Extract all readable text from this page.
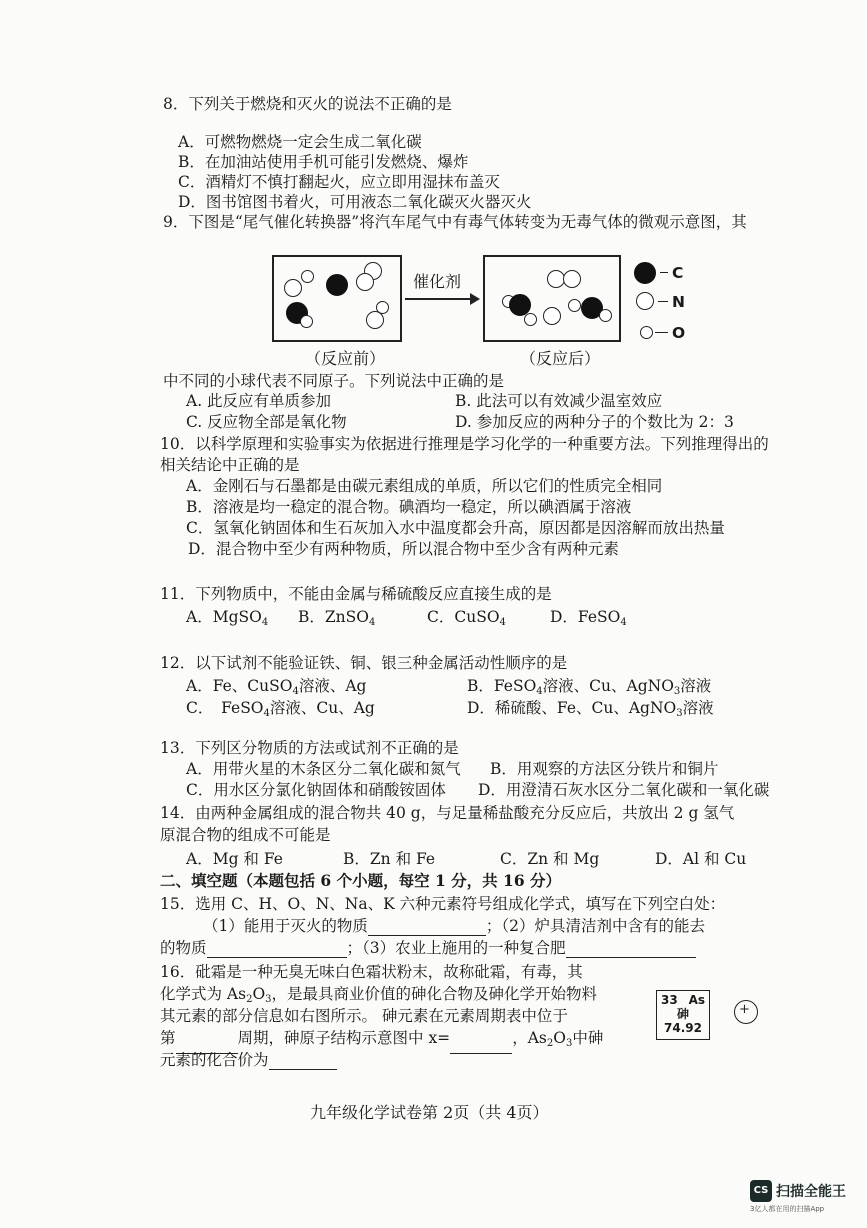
8．下列关于燃烧和灭火的说法不正确的是
A．可燃物燃烧一定会生成二氧化碳
B．在加油站使用手机可能引发燃烧、爆炸
C．酒精灯不慎打翻起火，应立即用湿抹布盖灭
D．图书馆图书着火，可用液态二氧化碳灭火器灭火
9．下图是“尾气催化转换器”将汽车尾气中有毒气体转变为无毒气体的微观示意图，其
催化剂
（反应前）	（反应后）
C
N
O
中不同的小球代表不同原子。下列说法中正确的是
A. 此反应有单质参加	B. 此法可以有效减少温室效应
C. 反应物全部是氧化物	D. 参加反应的两种分子的个数比为 2：3
10．以科学原理和实验事实为依据进行推理是学习化学的一种重要方法。下列推理得出的
相关结论中正确的是
A．金刚石与石墨都是由碳元素组成的单质，所以它们的性质完全相同
B．溶液是均一稳定的混合物。碘酒均一稳定，所以碘酒属于溶液
C．氢氧化钠固体和生石灰加入水中温度都会升高，原因都是因溶解而放出热量
D．混合物中至少有两种物质，所以混合物中至少含有两种元素
11．下列物质中，不能由金属与稀硫酸反应直接生成的是
A．MgSO$_4$ B．ZnSO$_4$	C．CuSO$_4$	D．FeSO$_4$
12．以下试剂不能验证铁、铜、银三种金属活动性顺序的是
A．Fe、CuSO$_4$溶液、Ag	B．FeSO$_4$溶液、Cu、AgNO$_3$溶液
C．　FeSO$_4$溶液、Cu、Ag	D．稀硫酸、Fe、Cu、AgNO$_3$溶液
13．下列区分物质的方法或试剂不正确的是
A．用带火星的木条区分二氧化碳和氮气 B．用观察的方法区分铁片和铜片
C．用水区分氯化钠固体和硝酸铵固体 D．用澄清石灰水区分二氧化碳和一氧化碳
14．由两种金属组成的混合物共 40 g，与足量稀盐酸充分反应后，共放出 2 g 氢气
原混合物的组成不可能是
A．Mg 和 Fe	B．Zn 和 Fe	C．Zn 和 Mg	D．Al 和 Cu
二、填空题（本题包括 6 个小题，每空 1 分，共 16 分）
15．选用 C、H、O、N、Na、K 六种元素符号组成化学式，填写在下列空白处：
（1）能用于灭火的物质	；（2）炉具清洁剂中含有的能去
的物质	；（3）农业上施用的一种复合肥
16．砒霜是一种无臭无味白色霜状粉末，故称砒霜，有毒，其
化学式为 $As_2O_3$，是最具商业价值的砷化合物及砷化学开始物料
其元素的部分信息如右图所示。 砷元素在元素周期表中位于
第	周期，砷原子结构示意图中 x=	，$As_2O_3$中砷
元素的化合价为
33 As
砷
74.92
+
九年级化学试卷第 2页（共 4页）
CS 扫描全能王
3亿人都在用的扫描App
